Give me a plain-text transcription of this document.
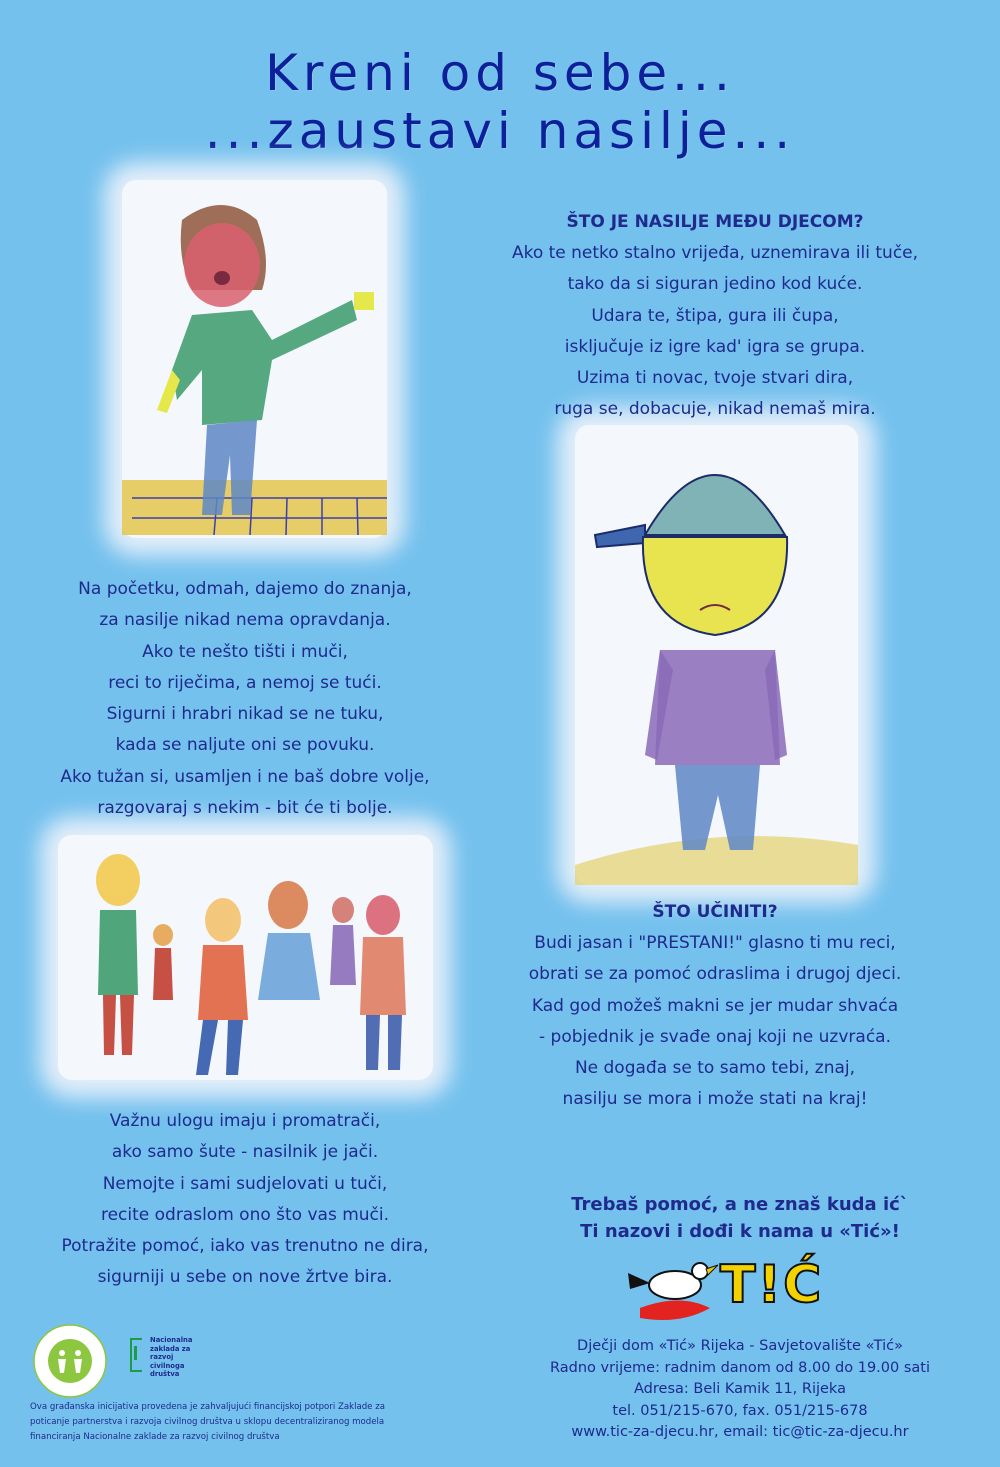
Kreni od sebe...
...zaustavi nasilje...
ŠTO JE NASILJE MEĐU DJECOM?
Ako te netko stalno vrijeđa, uznemirava ili tuče,
tako da si siguran jedino kod kuće.
Udara te, štipa, gura ili čupa,
isključuje iz igre kad' igra se grupa.
Uzima ti novac, tvoje stvari dira,
ruga se, dobacuje, nikad nemaš mira.
Na početku, odmah, dajemo do znanja,
za nasilje nikad nema opravdanja.
Ako te nešto tišti i muči,
reci to riječima, a nemoj se tući.
Sigurni i hrabri nikad se ne tuku,
kada se naljute oni se povuku.
Ako tužan si, usamljen i ne baš dobre volje,
razgovaraj s nekim - bit će ti bolje.
ŠTO UČINITI?
Budi jasan i "PRESTANI!" glasno ti mu reci,
obrati se za pomoć odraslima i drugoj djeci.
Kad god možeš makni se jer mudar shvaća
- pobjednik je svađe onaj koji ne uzvraća.
Ne događa se to samo tebi, znaj,
nasilju se mora i može stati na kraj!
Važnu ulogu imaju i promatrači,
ako samo šute - nasilnik je jači.
Nemojte i sami sudjelovati u tuči,
recite odraslom ono što vas muči.
Potražite pomoć, iako vas trenutno ne dira,
sigurniji u sebe on nove žrtve bira.
Trebaš pomoć, a ne znaš kuda ić`
Ti nazovi i dođi k nama u «Tić»!
T!Ć
Dječji dom «Tić» Rijeka - Savjetovalište «Tić»
Radno vrijeme: radnim danom od 8.00 do 19.00 sati
Adresa: Beli Kamik 11, Rijeka
tel. 051/215-670, fax. 051/215-678
www.tic-za-djecu.hr, email: tic@tic-za-djecu.hr
Nacionalna
zaklada za
razvoj
civilnoga
društva
Ova građanska inicijativa provedena je zahvaljujući financijskoj potpori Zaklade za
poticanje partnerstva i razvoja civilnog društva u sklopu decentraliziranog modela
financiranja Nacionalne zaklade za razvoj civilnog društva
